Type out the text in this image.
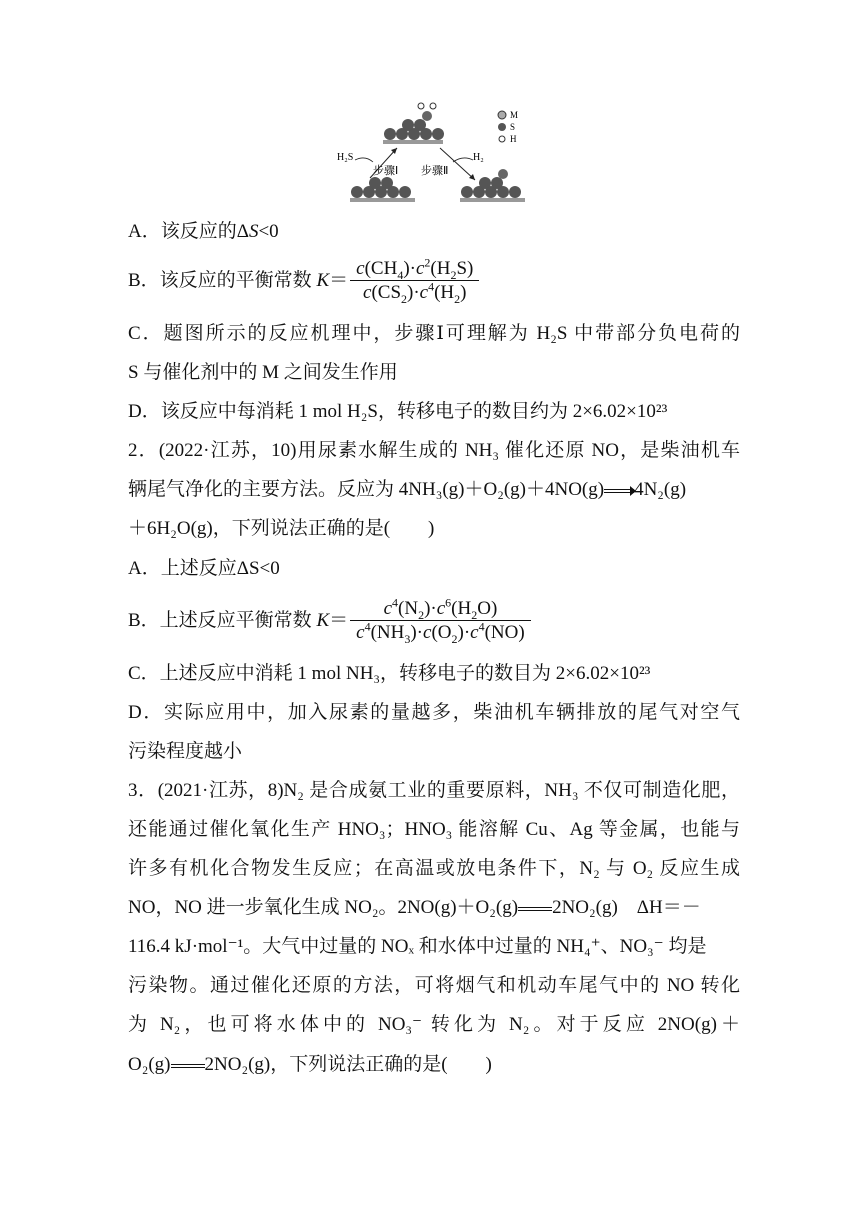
M
S
H
H₂S	H₂
步骤Ⅰ 步骤Ⅱ
A．该反应的ΔS<0
B．该反应的平衡常数 $K= \frac{c(CH_4)\cdot c^2(H_2S)}{c(CS_2)\cdot c^4(H_2)}$
C．题图所示的反应机理中，步骤Ⅰ可理解为 H₂S 中带部分负电荷的
S 与催化剂中的 M 之间发生作用
D．该反应中每消耗 1 mol H₂S，转移电子的数目约为 2×6.02×10²³
2．(2022·江苏，10)用尿素水解生成的 NH₃ 催化还原 NO，是柴油机车
辆尾气净化的主要方法。反应为 4NH₃(g)＋O₂(g)＋4NO(g) 4N₂(g)
＋6H₂O(g)，下列说法正确的是(　　)
A．上述反应ΔS<0
B．上述反应平衡常数 $K= \frac{c^4(N_2)\cdot c^6(H_2O)}{c^4(NH_3)\cdot c(O_2)\cdot c^4(NO)}$
C．上述反应中消耗 1 mol NH₃，转移电子的数目为 2×6.02×10²³
D．实际应用中，加入尿素的量越多，柴油机车辆排放的尾气对空气
污染程度越小
3．(2021·江苏，8)N₂ 是合成氨工业的重要原料，NH₃ 不仅可制造化肥，
还能通过催化氧化生产 HNO₃；HNO₃ 能溶解 Cu、Ag 等金属，也能与
许多有机化合物发生反应；在高温或放电条件下，N₂ 与 O₂ 反应生成
NO，NO 进一步氧化生成 NO₂。2NO(g)＋O₂(g) 2NO₂(g)　ΔH＝－
116.4 kJ·mol⁻¹。大气中过量的 NOₓ 和水体中过量的 NH₄⁺、NO₃⁻ 均是
污染物。通过催化还原的方法，可将烟气和机动车尾气中的 NO 转化
为 N₂，也可将水体中的 NO₃⁻ 转化为 N₂。对于反应 2NO(g)＋
O₂(g) 2NO₂(g)，下列说法正确的是(　　)
